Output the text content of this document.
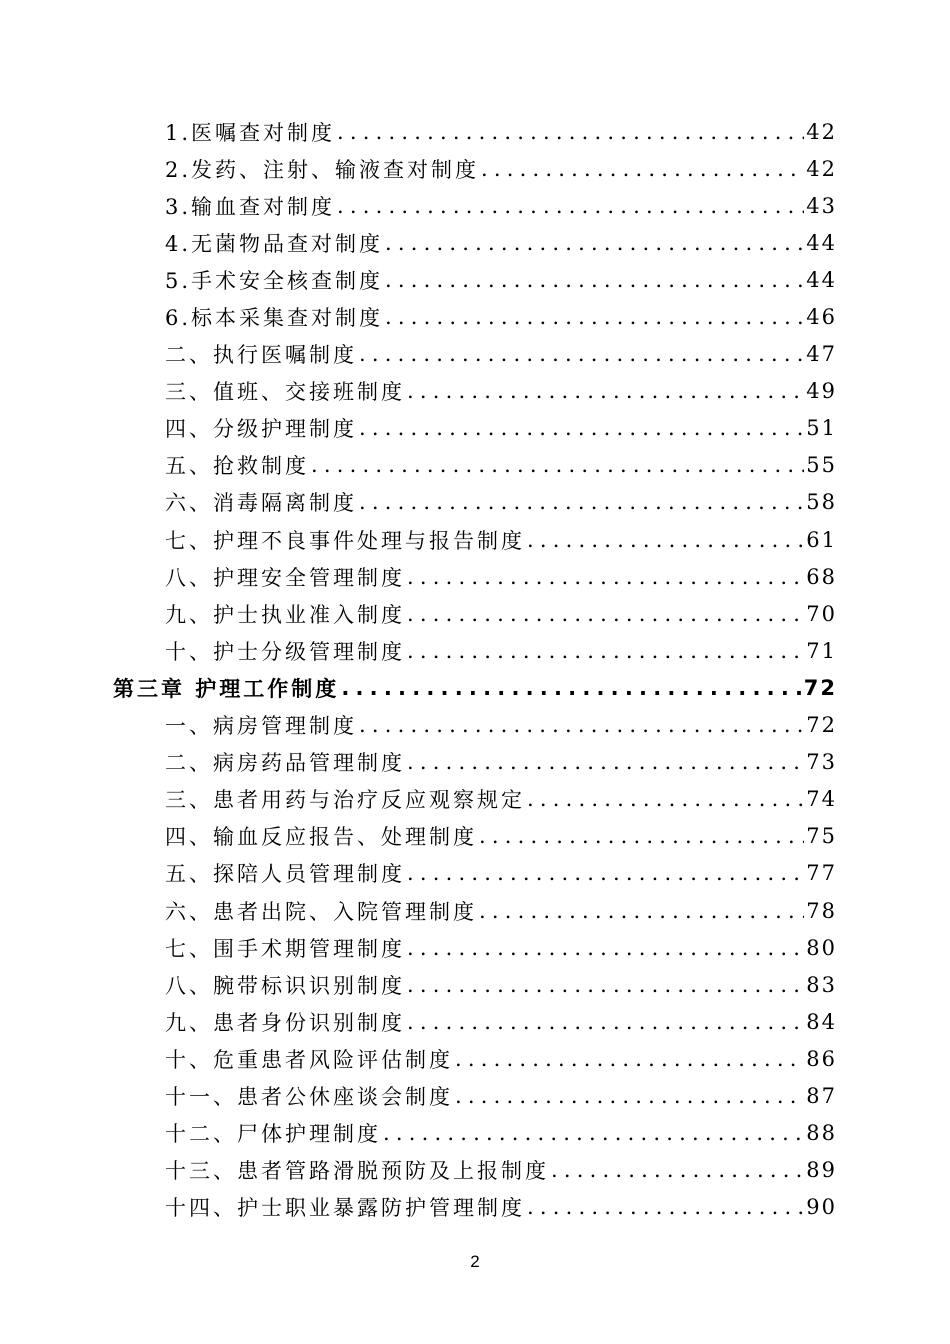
1.医嘱查对制度 .....	42
2.发药、注射、输液查对制度 .....	42
3.输血查对制度 .....	43
4.无菌物品查对制度 .....	44
5.手术安全核查制度 .....	44
6.标本采集查对制度 .....	46
二、执行医嘱制度 .....	47
三、值班、交接班制度 .....	49
四、分级护理制度 .....	51
五、抢救制度 .....	55
六、消毒隔离制度 .....	58
七、护理不良事件处理与报告制度 .....	61
八、护理安全管理制度 .....	68
九、护士执业准入制度 .....	70
十、护士分级管理制度 .....	71
第三章 护理工作制度 .....	72
一、病房管理制度 .....	72
二、病房药品管理制度 .....	73
三、患者用药与治疗反应观察规定 .....	74
四、输血反应报告、处理制度 .....	75
五、探陪人员管理制度 .....	77
六、患者出院、入院管理制度 .....	78
七、围手术期管理制度 .....	80
八、腕带标识识别制度 .....	83
九、患者身份识别制度 .....	84
十、危重患者风险评估制度 .....	86
十一、患者公休座谈会制度 .....	87
十二、尸体护理制度 .....	88
十三、患者管路滑脱预防及上报制度 .....	89
十四、护士职业暴露防护管理制度 .....	90
2
